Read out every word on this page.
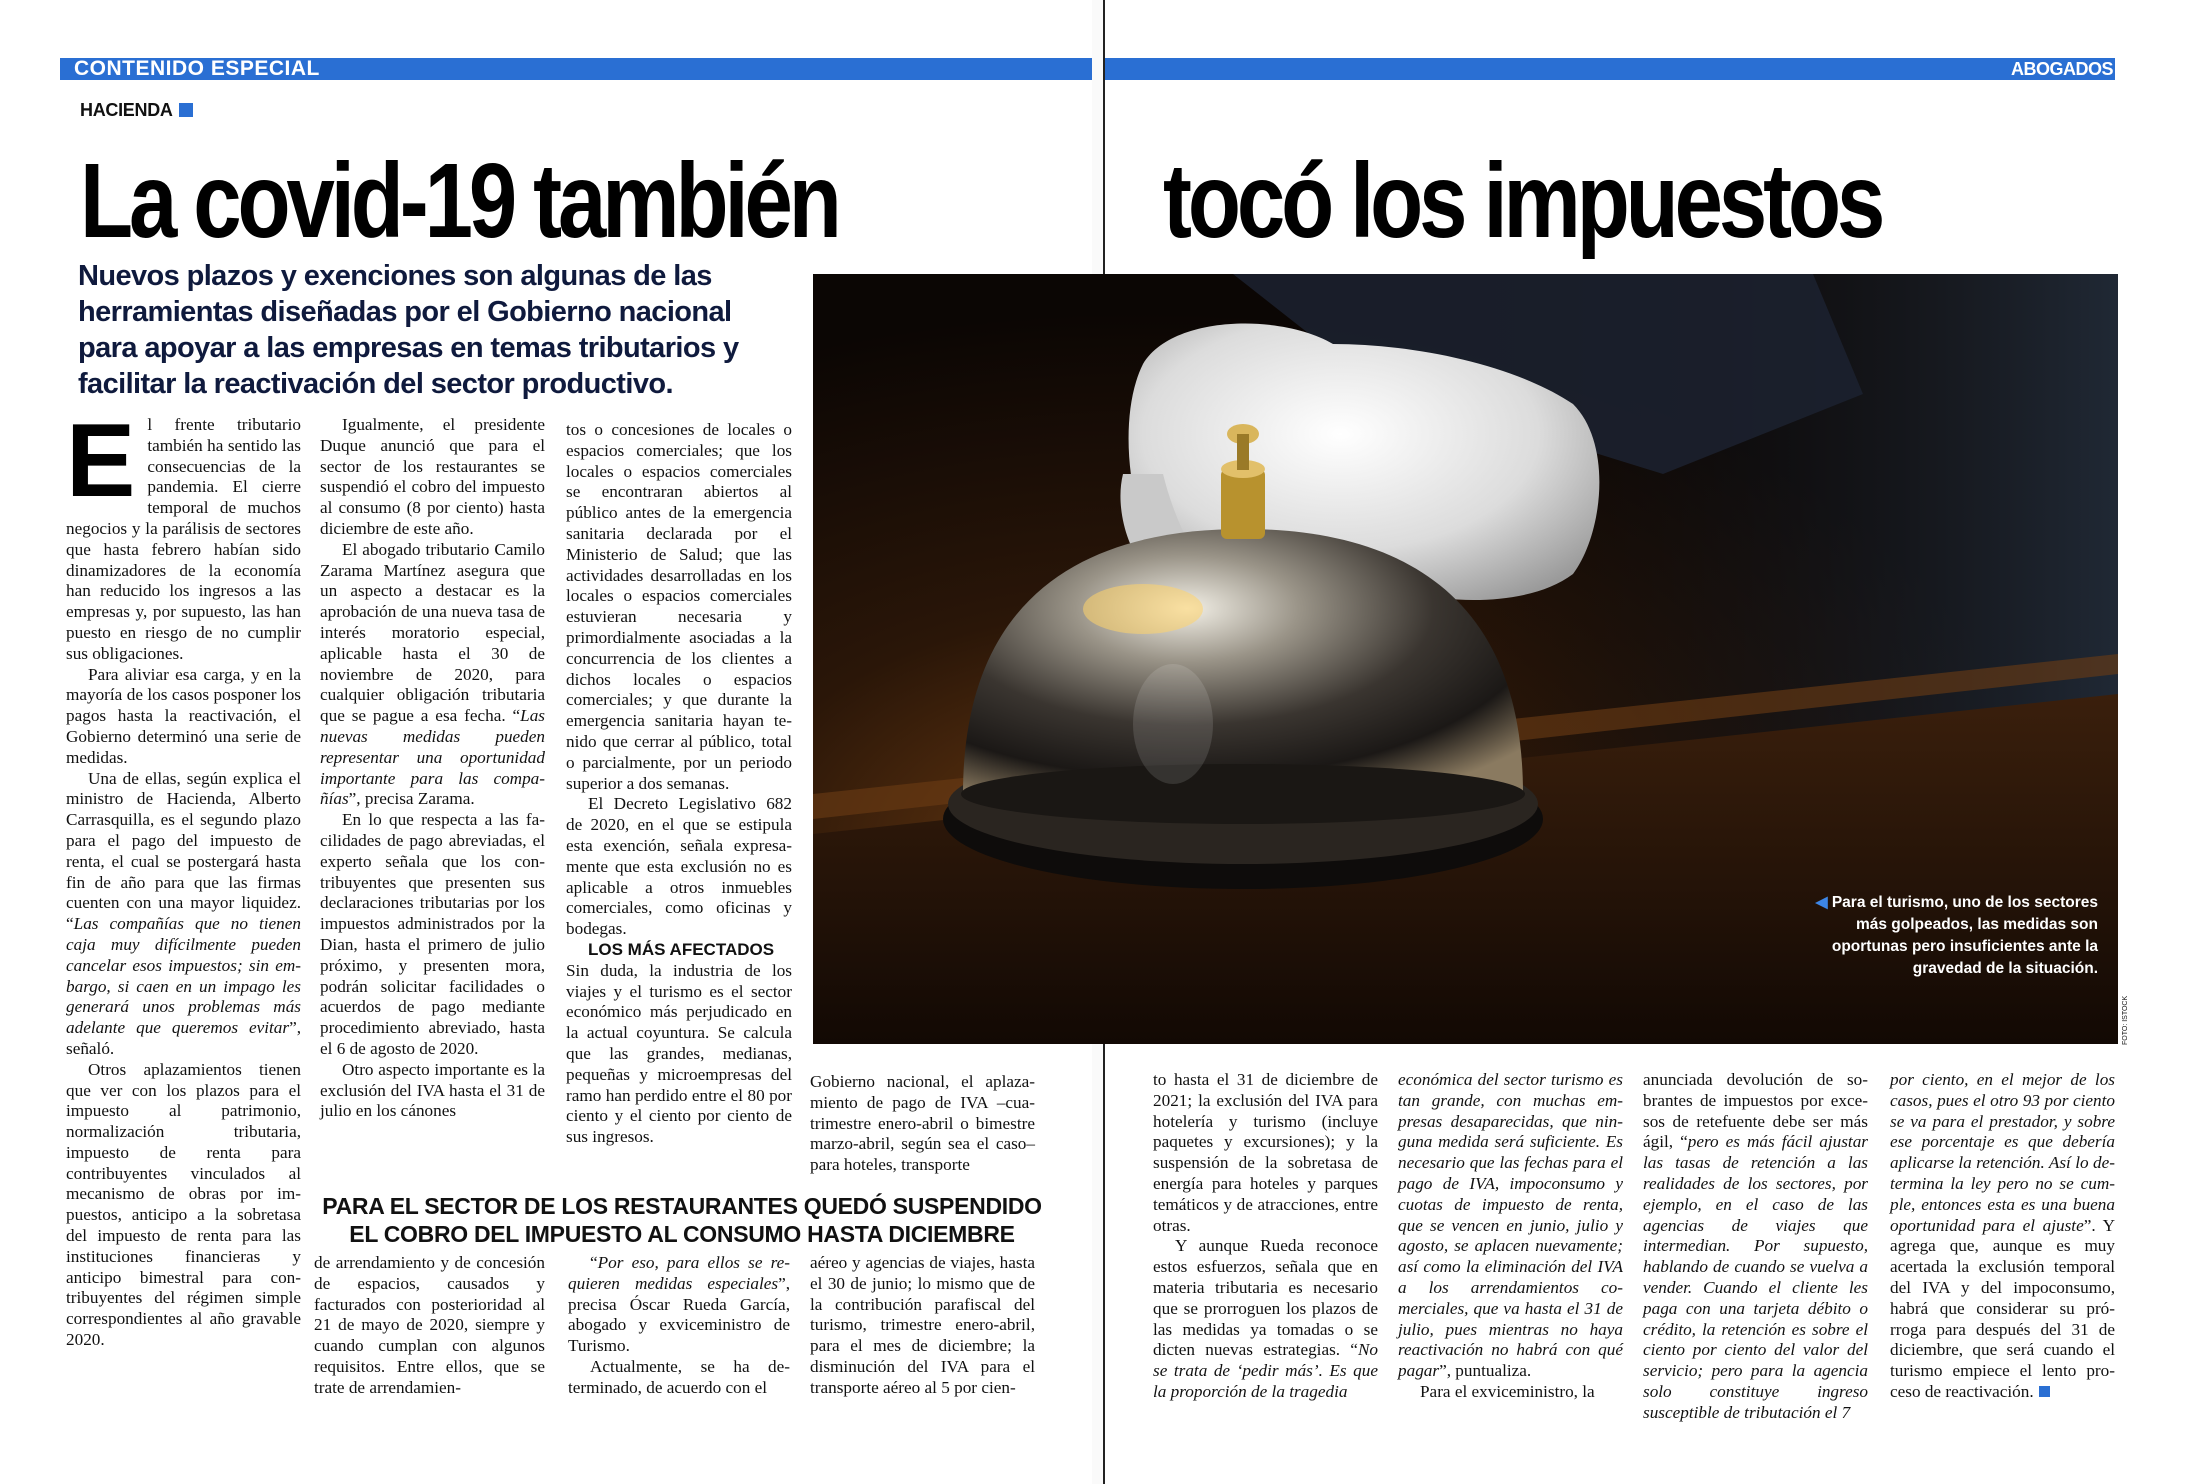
CONTENIDO ESPECIAL	ABOGADOS
HACIENDA
La covid-19 también	tocó los impuestos
Nuevos plazos y exenciones son algunas de las herramientas diseñadas por el Gobierno nacional para apoyar a las empresas en temas tributarios y facilitar la reactivación del sector productivo.
◀ Para el turismo, uno de los sectores más golpeados, las medidas son oportunas pero insuficientes ante la gravedad de la situación.
FOTO: ISTOCK

El frente tributario también ha sentido las consecuencias de la pandemia. El cierre temporal de muchos negocios y la parálisis de sectores que hasta febrero habían sido dinamizadores de la economía han reducido los ingresos a las empresas y, por supuesto, las han puesto en riesgo de no cumplir sus obligaciones.

Para aliviar esa carga, y en la mayoría de los casos posponer los pagos hasta la reactivación, el Gobierno determinó una serie de medidas.

Una de ellas, según explica el ministro de Hacienda, Alberto Carrasquilla, es el segundo plazo para el pago del impuesto de renta, el cual se postergará hasta fin de año para que las firmas cuenten con una mayor liquidez. “Las compañías que no tienen caja muy difícilmente pueden cancelar esos impuestos; sin embargo, si caen en un impago les generará unos problemas más adelante que queremos evitar”, señaló.

Otros aplazamientos tienen que ver con los plazos para el impuesto al patrimonio, normalización tributaria, impuesto de renta para contribuyentes vinculados al mecanismo de obras por impuestos, anticipo a la sobretasa del impuesto de renta para las instituciones financieras y anticipo bimestral para contribuyentes del régimen simple correspondientes al año gravable 2020.

Igualmente, el presidente Duque anunció que para el sector de los restaurantes se suspendió el cobro del impuesto al consumo (8 por ciento) hasta diciembre de este año.

El abogado tributario Camilo Zarama Martínez asegura que un aspecto a destacar es la aprobación de una nueva tasa de interés moratorio especial, aplicable hasta el 30 de noviembre de 2020, para cualquier obligación tributaria que se pague a esa fecha. “Las nuevas medidas pueden representar una oportunidad importante para las compañías”, precisa Zarama.

En lo que respecta a las facilidades de pago abreviadas, el experto señala que los contribuyentes que presenten sus declaraciones tributarias por los impuestos administrados por la Dian, hasta el primero de julio próximo, y presenten mora, podrán solicitar facilidades o acuerdos de pago mediante procedimiento abreviado, hasta el 6 de agosto de 2020.

Otro aspecto importante es la exclusión del IVA hasta el 31 de julio en los cánones

de arrendamiento y de concesión de espacios, causados y facturados con posterioridad al 21 de mayo de 2020, siempre y cuando cumplan con algunos requisitos. Entre ellos, que se trate de arrendamien-

tos o concesiones de locales o espacios comerciales; que los locales o espacios comerciales se encontraran abiertos al público antes de la emergencia sanitaria declarada por el Ministerio de Salud; que las actividades desarrolladas en los locales o espacios comerciales estuvieran necesaria y primordialmente asociadas a la concurrencia de los clientes a dichos locales o espacios comerciales; y que durante la emergencia sanitaria hayan tenido que cerrar al público, total o parcialmente, por un periodo superior a dos semanas.

El Decreto Legislativo 682 de 2020, en el que se estipula esta exención, señala expresamente que esta exclusión no es aplicable a otros inmuebles comerciales, como oficinas y bodegas.

LOS MÁS AFECTADOS

Sin duda, la industria de los viajes y el turismo es el sector económico más perjudicado en la actual coyuntura. Se calcula que las grandes, medianas, pequeñas y microempresas del ramo han perdido entre el 80 por ciento y el ciento por ciento de sus ingresos.

“Por eso, para ellos se requieren medidas especiales”, precisa Óscar Rueda García, abogado y exviceministro de Turismo.

Actualmente, se ha determinado, de acuerdo con el

Gobierno nacional, el aplazamiento de pago de IVA –cuatrimestre enero-abril o bimestre marzo-abril, según sea el caso– para hoteles, transporte

aéreo y agencias de viajes, hasta el 30 de junio; lo mismo que de la contribución parafiscal del turismo, trimestre enero-abril, para el mes de diciembre; la disminución del IVA para el transporte aéreo al 5 por cien-

PARA EL SECTOR DE LOS RESTAURANTES QUEDÓ SUSPENDIDO EL COBRO DEL IMPUESTO AL CONSUMO HASTA DICIEMBRE

to hasta el 31 de diciembre de 2021; la exclusión del IVA para hotelería y turismo (incluye paquetes y excursiones); y la suspensión de la sobretasa de energía para hoteles y parques temáticos y de atracciones, entre otras.

Y aunque Rueda reconoce estos esfuerzos, señala que en materia tributaria es necesario que se prorroguen los plazos de las medidas ya tomadas o se dicten nuevas estrategias. “No se trata de ‘pedir más’. Es que la proporción de la tragedia

económica del sector turismo es tan grande, con muchas empresas desaparecidas, que ninguna medida será suficiente. Es necesario que las fechas para el pago de IVA, impoconsumo y cuotas de impuesto de renta, que se vencen en junio, julio y agosto, se aplacen nuevamente; así como la eliminación del IVA a los arrendamientos comerciales, que va hasta el 31 de julio, pues mientras no haya reactivación no habrá con qué pagar”, puntualiza.

Para el exviceministro, la

anunciada devolución de sobrantes de impuestos por excesos de retefuente debe ser más ágil, “pero es más fácil ajustar las tasas de retención a las realidades de los sectores, por ejemplo, en el caso de las agencias de viajes que intermedian. Por supuesto, hablando de cuando se vuelva a vender. Cuando el cliente les paga con una tarjeta débito o crédito, la retención es sobre el ciento por ciento del valor del servicio; pero para la agencia solo constituye ingreso susceptible de tributación el 7

por ciento, en el mejor de los casos, pues el otro 93 por ciento se va para el prestador, y sobre ese porcentaje es que debería aplicarse la retención. Así lo determina la ley pero no se cumple, entonces esta es una buena oportunidad para el ajuste”. Y agrega que, aunque es muy acertada la exclusión temporal del IVA y del impoconsumo, habrá que considerar su prórroga para después del 31 de diciembre, que será cuando el turismo empiece el lento proceso de reactivación.
